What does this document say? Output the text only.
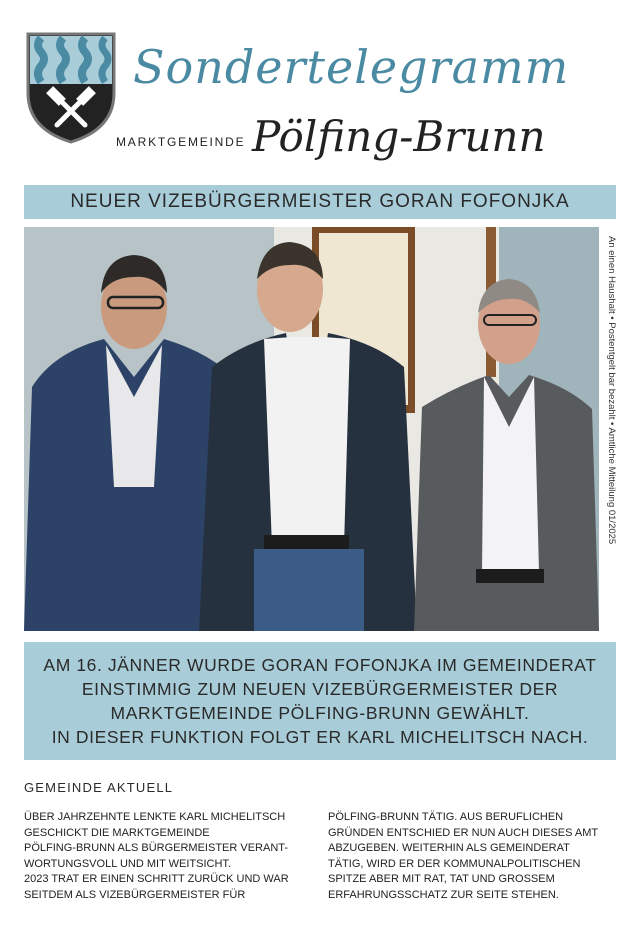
Sondertelegramm
MARKTGEMEINDE Pölfing-Brunn
NEUER VIZEBÜRGERMEISTER GORAN FOFONJKA
An einen Haushalt • Postentgelt bar bezahlt • Amtliche Mitteilung 01/2025
AM 16. JÄNNER WURDE GORAN FOFONJKA IM GEMEINDERAT
EINSTIMMIG ZUM NEUEN VIZEBÜRGERMEISTER DER
MARKTGEMEINDE PÖLFING-BRUNN GEWÄHLT.
IN DIESER FUNKTION FOLGT ER KARL MICHELITSCH NACH.
GEMEINDE AKTUELL
ÜBER JAHRZEHNTE LENKTE KARL MICHELITSCH
GESCHICKT DIE MARKTGEMEINDE
PÖLFING-BRUNN ALS BÜRGERMEISTER VERANT-
WORTUNGSVOLL UND MIT WEITSICHT.
2023 TRAT ER EINEN SCHRITT ZURÜCK UND WAR
SEITDEM ALS VIZEBÜRGERMEISTER FÜR
PÖLFING-BRUNN TÄTIG. AUS BERUFLICHEN
GRÜNDEN ENTSCHIED ER NUN AUCH DIESES AMT
ABZUGEBEN. WEITERHIN ALS GEMEINDERAT
TÄTIG, WIRD ER DER KOMMUNALPOLITISCHEN
SPITZE ABER MIT RAT, TAT UND GROSSEM
ERFAHRUNGSSCHATZ ZUR SEITE STEHEN.
